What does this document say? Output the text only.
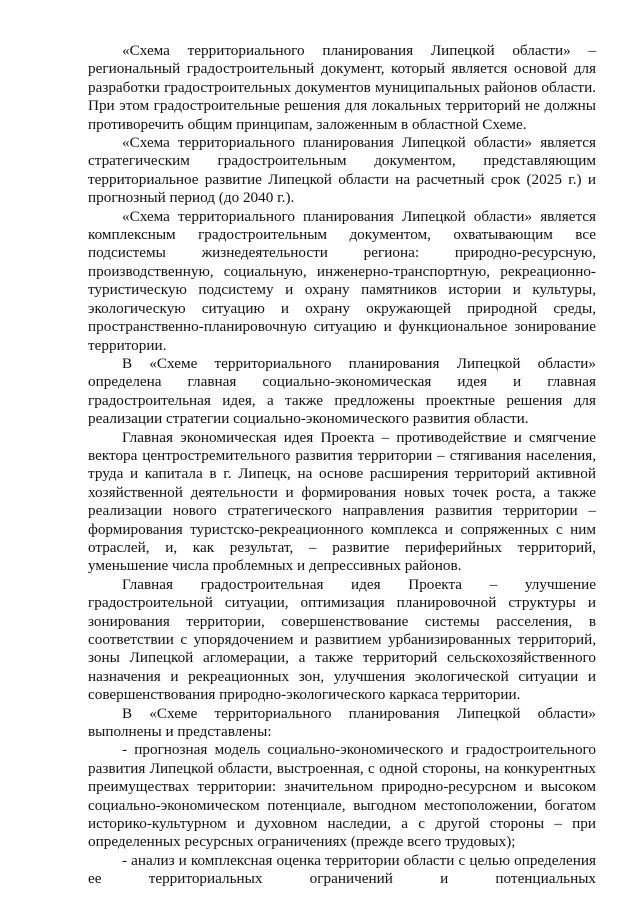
«Схема территориального планирования Липецкой области» – региональный градостроительный документ, который является основой для разработки градостроительных документов муниципальных районов области. При этом градостроительные решения для локальных территорий не должны противоречить общим принципам, заложенным в областной Схеме.

«Схема территориального планирования Липецкой области» является стратегическим градостроительным документом, представляющим территориальное развитие Липецкой области на расчетный срок (2025 г.) и прогнозный период (до 2040 г.).

«Схема территориального планирования Липецкой области» является комплексным градостроительным документом, охватывающим все подсистемы жизнедеятельности региона: природно-ресурсную, производственную, социальную, инженерно-транспортную, рекреационно-туристическую подсистему и охрану памятников истории и культуры, экологическую ситуацию и охрану окружающей природной среды, пространственно-планировочную ситуацию и функциональное зонирование территории.

В «Схеме территориального планирования Липецкой области» определена главная социально-экономическая идея и главная градостроительная идея, а также предложены проектные решения для реализации стратегии социально-экономического развития области.

Главная экономическая идея Проекта – противодействие и смягчение вектора центростремительного развития территории – стягивания населения, труда и капитала в г. Липецк, на основе расширения территорий активной хозяйственной деятельности и формирования новых точек роста, а также реализации нового стратегического направления развития территории – формирования туристско-рекреационного комплекса и сопряженных с ним отраслей, и, как результат, – развитие периферийных территорий, уменьшение числа проблемных и депрессивных районов.

Главная градостроительная идея Проекта – улучшение градостроительной ситуации, оптимизация планировочной структуры и зонирования территории, совершенствование системы расселения, в соответствии с упорядочением и развитием урбанизированных территорий, зоны Липецкой агломерации, а также территорий сельскохозяйственного назначения и рекреационных зон, улучшения экологической ситуации и совершенствования природно-экологического каркаса территории.

В «Схеме территориального планирования Липецкой области» выполнены и представлены:

- прогнозная модель социально-экономического и градостроительного развития Липецкой области, выстроенная, с одной стороны, на конкурентных преимуществах территории: значительном природно-ресурсном и высоком социально-экономическом потенциале, выгодном местоположении, богатом историко-культурном и духовном наследии, а с другой стороны – при определенных ресурсных ограничениях (прежде всего трудовых);

- анализ и комплексная оценка территории области с целью определения ее территориальных ограничений и потенциальных
